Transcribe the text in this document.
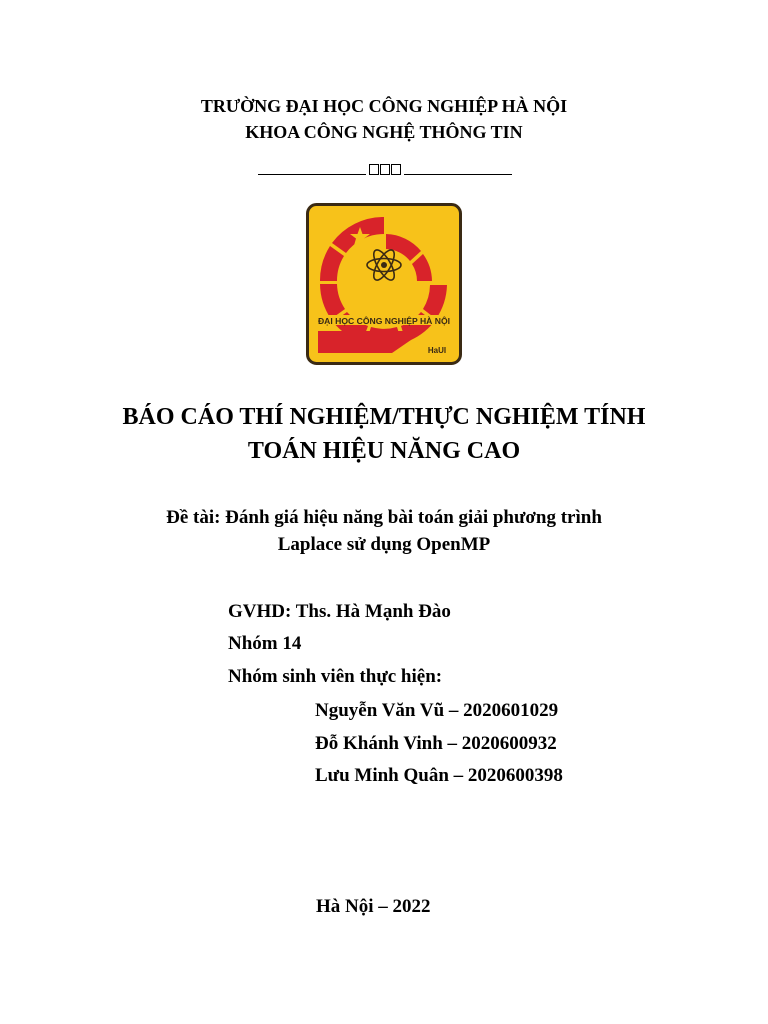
TRƯỜNG ĐẠI HỌC CÔNG NGHIỆP HÀ NỘI
KHOA CÔNG NGHỆ THÔNG TIN
ĐẠI HỌC CÔNG NGHIỆP HÀ NỘI
HaUI
BÁO CÁO THÍ NGHIỆM/THỰC NGHIỆM TÍNH
TOÁN HIỆU NĂNG CAO
Đề tài: Đánh giá hiệu năng bài toán giải phương trình
Laplace sử dụng OpenMP
GVHD: Ths. Hà Mạnh Đào
Nhóm 14
Nhóm sinh viên thực hiện:
Nguyễn Văn Vũ – 2020601029
Đỗ Khánh Vinh – 2020600932
Lưu Minh Quân – 2020600398
Hà Nội – 2022
